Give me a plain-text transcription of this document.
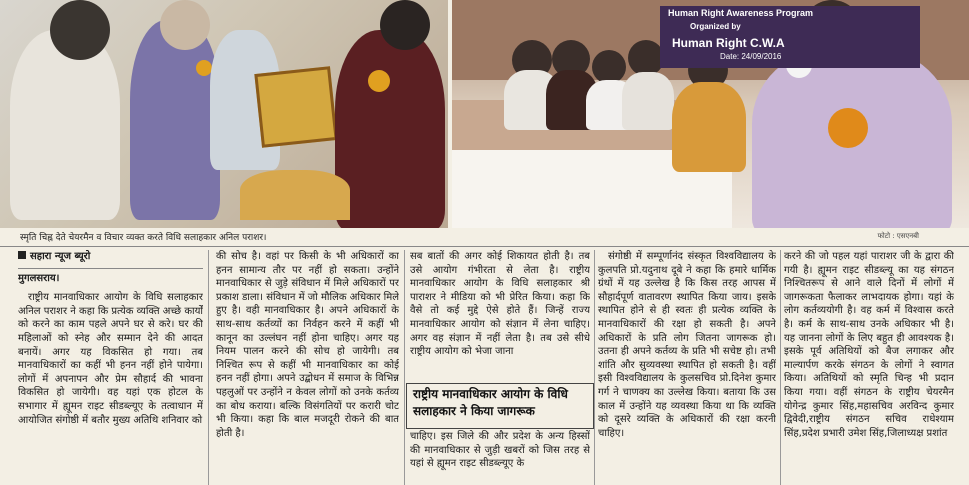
Human Right Awareness Program
Organized by
Human Right C.W.A
Date: 24/09/2016
स्मृति चिह्न देते चेयरमैन व विचार व्यक्त करते विधि सलाहकार अनिल पराशर।	फोटो : एसएनबी
सहारा न्यूज ब्यूरो
मुगलसराय।

राष्ट्रीय मानवाधिकार आयोग के विधि सलाहकार अनिल पराशर ने कहा कि प्रत्येक व्यक्ति अच्छे कार्यों को करने का काम पहले अपने घर से करे। घर की महिलाओं को स्नेह और सम्मान देने की आदत बनायें। अगर यह विकसित हो गया। तब मानवाधिकारों का कहीं भी हनन नहीं होने पायेगा। लोगों में अपनापन और प्रेम सौहार्द की भावना विकसित हो जायेगी। वह यहां एक होटल के सभागार में ह्यूमन राइट सीडब्ल्यूए के तत्वाधान में आयोजित संगोष्ठी में बतौर मुख्य अतिथि शनिवार को

की सोच है। वहां पर किसी के भी अधिकारों का हनन सामान्य तौर पर नहीं हो सकता। उन्होंने मानवाधिकार से जुड़े संविधान में मिले अधिकारों पर प्रकाश डाला। संविधान में जो मौलिक अधिकार मिले हुए है। वही मानवाधिकार है। अपने अधिकारों के साथ-साथ कर्तव्यों का निर्वहन करने में कहीं भी कानून का उल्लंघन नहीं होना चाहिए। अगर यह नियम पालन करने की सोच हो जायेगी। तब निश्चित रूप से कहीं भी मानवाधिकार का कोई हनन नहीं होगा। अपने उद्बोधन में समाज के विभिन्न पहलुओं पर उन्होंने न केवल लोगों को उनके कर्तव्य का बोध कराया। बल्कि विसंगतियों पर करारी चोट भी किया। कहा कि बाल मजदूरी रोकने की बात होती है।

सब बातों की अगर कोई शिकायत होती है। तब उसे आयोग गंभीरता से लेता है। राष्ट्रीय मानवाधिकार आयोग के विधि सलाहकार श्री पाराशर ने मीडिया को भी प्रेरित किया। कहा कि वैसे तो कई मुद्दे ऐसे होते हैं। जिन्हें राज्य मानवाधिकार आयोग को संज्ञान में लेना चाहिए। अगर वह संज्ञान में नहीं लेता है। तब उसे सीधे राष्ट्रीय आयोग को भेजा जाना

चाहिए। इस जिले की और प्रदेश के अन्य हिस्सों की मानवाधिकार से जुड़ी खबरों को जिस तरह से यहां से ह्यूमन राइट सीडब्ल्यूए के

राष्ट्रीय मानवाधिकार आयोग के विधि सलाहकार ने किया जागरूक

संगोष्ठी में सम्पूर्णानंद संस्कृत विश्वविद्यालय के कुलपति प्रो.यदुनाथ दूबे ने कहा कि हमारे धार्मिक ग्रंथों में यह उल्लेख है कि किस तरह आपस में सौहार्दपूर्ण वातावरण स्थापित किया जाय। इसके स्थापित होने से ही स्वतः ही प्रत्येक व्यक्ति के मानवाधिकारों की रक्षा हो सकती है। अपने अधिकारों के प्रति लोग जितना जागरूक हो। उतना ही अपने कर्तव्य के प्रति भी सचेष्ट हो। तभी शांति और सुव्यवस्था स्थापित हो सकती है। वहीं इसी विश्वविद्यालय के कुलसचिव प्रो.दिनेश कुमार गर्ग ने चाणक्य का उल्लेख किया। बताया कि उस काल में उन्होंने यह व्यवस्था किया था कि व्यक्ति को दूसरे व्यक्ति के अधिकारों की रक्षा करनी चाहिए।

करने की जो पहल यहां पाराशर जी के द्वारा की गयी है। ह्यूमन राइट सीडब्ल्यू का यह संगठन निश्चितरूप से आने वाले दिनों में लोगों में जागरूकता फैलाकर लाभदायक होगा। यहां के लोग कर्तव्ययोगी है। वह कर्म में विश्वास करते है। कर्म के साथ-साथ उनके अधिकार भी है। यह जानना लोगों के लिए बहुत ही आवश्यक है। इसके पूर्व अतिथियों को बैज लगाकर और माल्यार्पण करके संगठन के लोगों ने स्वागत किया। अतिथियों को स्मृति चिन्ह भी प्रदान किया गया। वहीं संगठन के राष्ट्रीय चेयरमैन योगेन्द्र कुमार सिंह,महासचिव अरविन्द कुमार द्विवेदी,राष्ट्रीय संगठन सचिव राधेश्याम सिंह,प्रदेश प्रभारी उमेश सिंह,जिलाध्यक्ष प्रशांत
